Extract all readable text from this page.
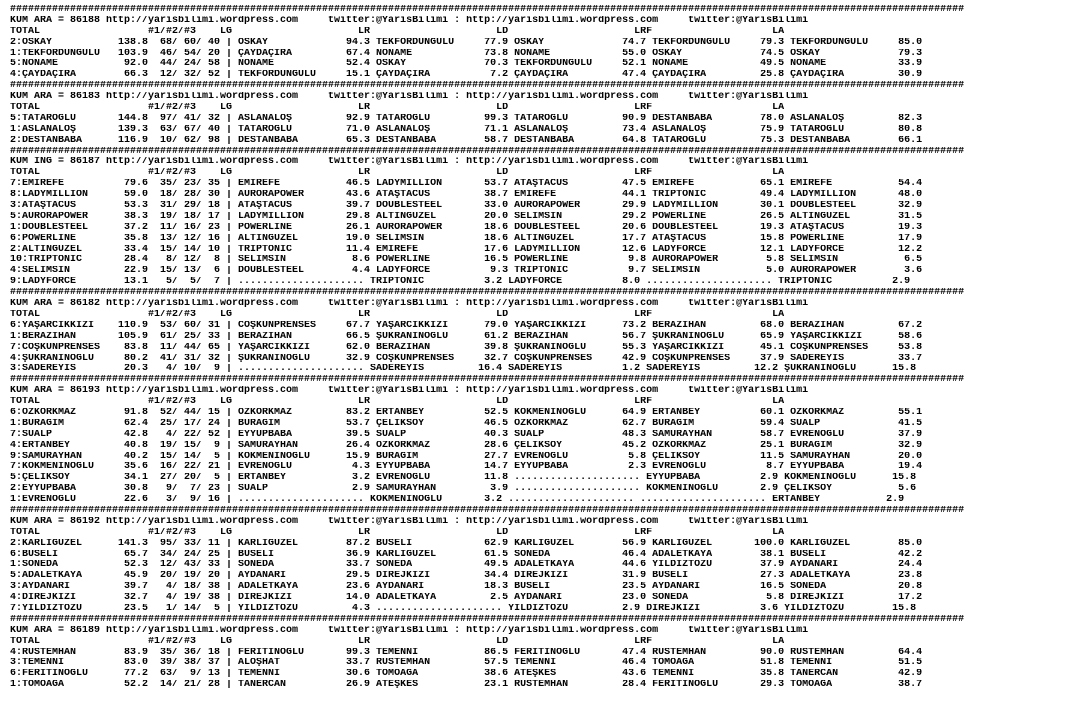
###############################################################################################################################################################
KUM ARA = 86188 http://yarisbilimi.wordpress.com     twitter:@YarisBilimi : http://yarisbilimi.wordpress.com     twitter:@YarisBilimi
TOTAL                  #1/#2/#3    LG                     LR                     LD                     LRF                    LA
2:OSKAY           138.8  68/ 60/ 40 | OSKAY             94.3 TEKFORDUNGÜLÜ     77.9 OSKAY             74.7 TEKFORDUNGÜLÜ     79.3 TEKFORDUNGÜLÜ     85.0
1:TEKFORDUNGÜLÜ   103.9  46/ 54/ 20 | ÇAYDAÇIRA         67.4 NONAME            73.8 NONAME            55.0 OSKAY             74.5 OSKAY             79.3
5:NONAME           92.0  44/ 24/ 58 | NONAME            52.4 OSKAY             70.3 TEKFORDUNGÜLÜ     52.1 NONAME            49.5 NONAME            33.9
4:ÇAYDAÇIRA        66.3  12/ 32/ 52 | TEKFORDUNGÜLÜ     15.1 ÇAYDAÇIRA          7.2 ÇAYDAÇIRA         47.4 ÇAYDAÇIRA         25.8 ÇAYDAÇIRA         30.9
###############################################################################################################################################################
KUM ARA = 86183 http://yarisbilimi.wordpress.com     twitter:@YarisBilimi : http://yarisbilimi.wordpress.com     twitter:@YarisBilimi
TOTAL                  #1/#2/#3    LG                     LR                     LD                     LRF                    LA
5:TATAROĞLU       144.8  97/ 41/ 32 | ASLANALOŞ         92.9 TATAROĞLU         99.3 TATAROĞLU         90.9 DESTANBABA        78.0 ASLANALOŞ         82.3
1:ASLANALOŞ       139.3  63/ 67/ 40 | TATAROĞLU         71.0 ASLANALOŞ         71.1 ASLANALOŞ         73.4 ASLANALOŞ         75.9 TATAROĞLU         80.8
2:DESTANBABA      116.9  10/ 62/ 98 | DESTANBABA        65.3 DESTANBABA        58.7 DESTANBABA        64.8 TATAROĞLU         75.3 DESTANBABA        66.1
###############################################################################################################################################################
KUM ING = 86187 http://yarisbilimi.wordpress.com     twitter:@YarisBilimi : http://yarisbilimi.wordpress.com     twitter:@YarisBilimi
TOTAL                  #1/#2/#3    LG                     LR                     LD                     LRF                    LA
7:EMİREFE          79.6  35/ 23/ 35 | EMİREFE           46.5 LADYMILLION       53.7 ATAŞTACUS         47.5 EMİREFE           65.1 EMİREFE           54.4
8:LADYMILLION      59.0  18/ 28/ 30 | AURORAPOWER       43.6 ATAŞTACUS         38.7 EMİREFE           44.1 TRIPTONIC         49.4 LADYMILLION       48.0
3:ATAŞTACUS        53.3  31/ 29/ 18 | ATAŞTACUS         39.7 DOUBLESTEEL       33.0 AURORAPOWER       29.9 LADYMILLION       30.1 DOUBLESTEEL       32.9
5:AURORAPOWER      38.3  19/ 18/ 17 | LADYMILLION       29.8 ALTINGÜZEL        20.0 SELİMSİN          29.2 POWERLINE         26.5 ALTINGÜZEL        31.5
1:DOUBLESTEEL      37.2  11/ 16/ 23 | POWERLINE         26.1 AURORAPOWER       18.6 DOUBLESTEEL       20.6 DOUBLESTEEL       19.3 ATAŞTACUS         19.3
6:POWERLINE        35.8  13/ 12/ 16 | ALTINGÜZEL        19.0 SELİMSİN          18.6 ALTINGÜZEL        17.7 ATAŞTACUS         15.8 POWERLINE         17.9
2:ALTINGÜZEL       33.4  15/ 14/ 10 | TRIPTONIC         11.4 EMİREFE           17.6 LADYMILLION       12.6 LADYFORCE         12.1 LADYFORCE         12.2
10:TRIPTONIC       28.4   8/ 12/  8 | SELİMSİN           8.6 POWERLINE         16.5 POWERLINE          9.8 AURORAPOWER        5.8 SELİMSİN           6.5
4:SELİMSİN         22.9  15/ 13/  6 | DOUBLESTEEL        4.4 LADYFORCE          9.3 TRIPTONIC          9.7 SELİMSİN           5.0 AURORAPOWER        3.6
9:LADYFORCE        13.1   5/  5/  7 | ..................... TRIPTONIC          3.2 LADYFORCE          8.0 ..................... TRIPTONIC          2.9
###############################################################################################################################################################
KUM ARA = 86182 http://yarisbilimi.wordpress.com     twitter:@YarisBilimi : http://yarisbilimi.wordpress.com     twitter:@YarisBilimi
TOTAL                  #1/#2/#3    LG                     LR                     LD                     LRF                    LA
6:YAŞARCIKKIZI    110.9  53/ 60/ 31 | COŞKUNPRENSES     67.7 YAŞARCIKKIZI      79.0 YAŞARCIKKIZI      73.2 BERAZİHAN         68.0 BERAZİHAN         67.2
1:BERAZİHAN       105.9  61/ 25/ 33 | BERAZİHAN         66.5 ŞÜKRANINOĞLU      61.2 BERAZİHAN         56.7 ŞÜKRANINOĞLU      65.9 YAŞARCIKKIZI      58.6
7:COŞKUNPRENSES    83.8  11/ 44/ 65 | YAŞARCIKKIZI      62.0 BERAZİHAN         39.8 ŞÜKRANINOĞLU      55.3 YAŞARCIKKIZI      45.1 COŞKUNPRENSES     53.8
4:ŞÜKRANINOĞLU     80.2  41/ 31/ 32 | ŞÜKRANINOĞLU      32.9 COŞKUNPRENSES     32.7 COŞKUNPRENSES     42.9 COŞKUNPRENSES     37.9 SADEREYİS         33.7
3:SADEREYİS        20.3   4/ 10/  9 | ..................... SADEREYİS         16.4 SADEREYİS          1.2 SADEREYİS         12.2 ŞÜKRANINOĞLU      15.8
###############################################################################################################################################################
KUM ARA = 86193 http://yarisbilimi.wordpress.com     twitter:@YarisBilimi : http://yarisbilimi.wordpress.com     twitter:@YarisBilimi
TOTAL                  #1/#2/#3    LG                     LR                     LD                     LRF                    LA
6:ÖZKORKMAZ        91.8  52/ 44/ 15 | ÖZKORKMAZ         83.2 ERTANBEY          52.5 KÖKMENİNOĞLU      64.9 ERTANBEY          60.1 ÖZKORKMAZ         55.1
1:BURAĞIM          62.4  25/ 17/ 24 | BURAĞIM           53.7 ÇELİKSOY          46.5 ÖZKORKMAZ         62.7 BURAĞIM           59.4 SUALP             41.5
7:SUALP            42.8   4/ 22/ 52 | EYYUPBABA         39.5 SUALP             40.3 SUALP             48.3 SAMURAYHAN        58.7 EVRENOĞLU         37.9
4:ERTANBEY         40.8  19/ 15/  9 | SAMURAYHAN        26.4 ÖZKORKMAZ         28.6 ÇELİKSOY          45.2 ÖZKORKMAZ         25.1 BURAĞIM           32.9
9:SAMURAYHAN       40.2  15/ 14/  5 | KÖKMENİNOĞLU      15.9 BURAĞIM           27.7 EVRENOĞLU          5.8 ÇELİKSOY          11.5 SAMURAYHAN        20.0
7:KÖKMENİNOĞLU     35.6  16/ 22/ 21 | EVRENOĞLU          4.3 EYYUPBABA         14.7 EYYUPBABA          2.3 EVRENOĞLU          8.7 EYYUPBABA         19.4
5:ÇELİKSOY         34.1  27/ 20/  5 | ERTANBEY           3.2 EVRENOĞLU         11.8 ..................... EYYUPBABA          2.9 KÖKMENİNOĞLU      15.8
2:EYYUPBABA        30.8   9/  7/ 23 | SUALP              2.9 SAMURAYHAN         3.9 ..................... KÖKMENİNOĞLU       2.9 ÇELİKSOY           5.6
1:EVRENOĞLU        22.6   3/  9/ 16 | ..................... KÖKMENİNOĞLU       3.2 ..................... ..................... ERTANBEY           2.9
###############################################################################################################################################################
KUM ARA = 86192 http://yarisbilimi.wordpress.com     twitter:@YarisBilimi : http://yarisbilimi.wordpress.com     twitter:@YarisBilimi
TOTAL                  #1/#2/#3    LG                     LR                     LD                     LRF                    LA
2:KARLIGÜZEL      141.3  95/ 33/ 11 | KARLIGÜZEL        87.2 BUSELİ            62.9 KARLIGÜZEL        56.9 KARLIGÜZEL       100.0 KARLIGÜZEL        85.0
6:BUSELİ           65.7  34/ 24/ 25 | BUSELİ            36.9 KARLIGÜZEL        61.5 SONEDA            46.4 ADALETKAYA        38.1 BUSELİ            42.2
1:SONEDA           52.3  12/ 43/ 33 | SONEDA            33.7 SONEDA            49.5 ADALETKAYA        44.6 YILDIZTOZU        37.9 AYDANARI          24.4
5:ADALETKAYA       45.9  20/ 19/ 20 | AYDANARI          29.5 DİREJKİZİ         34.4 DİREJKİZİ         31.9 BUSELİ            27.3 ADALETKAYA        23.8
3:AYDANARI         39.7   4/ 18/ 38 | ADALETKAYA        23.6 AYDANARI          18.3 BUSELİ            23.5 AYDANARI          16.5 SONEDA            20.8
4:DİREJKİZİ        32.7   4/ 19/ 38 | DİREJKİZİ         14.0 ADALETKAYA         2.5 AYDANARI          23.0 SONEDA             5.8 DİREJKİZİ         17.2
7:YILDIZTOZU       23.5   1/ 14/  5 | YILDIZTOZU         4.3 ..................... YILDIZTOZU         2.9 DİREJKİZİ          3.6 YILDIZTOZU        15.8
###############################################################################################################################################################
KUM ARA = 86189 http://yarisbilimi.wordpress.com     twitter:@YarisBilimi : http://yarisbilimi.wordpress.com     twitter:@YarisBilimi
TOTAL                  #1/#2/#3    LG                     LR                     LD                     LRF                    LA
4:RÜSTEMHAN        83.9  35/ 36/ 18 | FERİTİNOĞLU       99.3 TEMENNİ           86.5 FERİTİNOĞLU       47.4 RÜSTEMHAN         90.0 RÜSTEMHAN         64.4
3:TEMENNİ          83.0  39/ 38/ 37 | ALOŞHAT           33.7 RÜSTEMHAN         57.5 TEMENNİ           46.4 TOMOAĞA           51.8 TEMENNİ           51.5
6:FERİTİNOĞLU      77.2  63/  9/ 13 | TEMENNİ           30.6 TOMOAĞA           38.6 ATEŞKES           43.6 TEMENNİ           35.8 TANERCAN          42.9
1:TOMOAĞA          52.2  14/ 21/ 28 | TANERCAN          26.9 ATEŞKES           23.1 RÜSTEMHAN         28.4 FERİTİNOĞLU       29.3 TOMOAĞA           38.7
